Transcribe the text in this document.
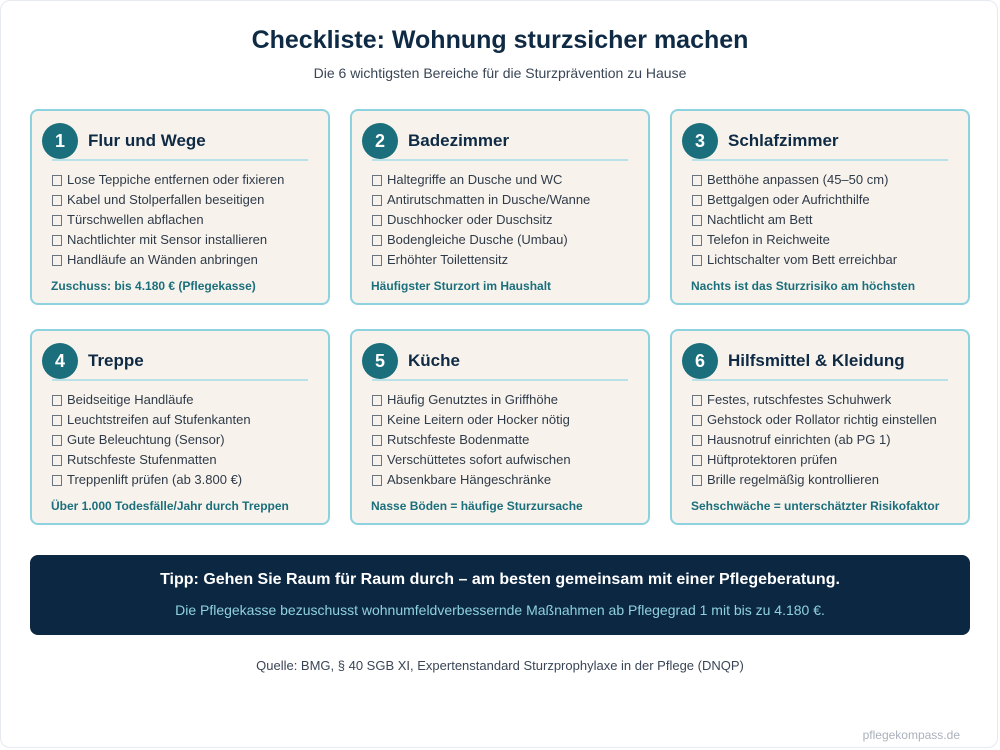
Checkliste: Wohnung sturzsicher machen
Die 6 wichtigsten Bereiche für die Sturzprävention zu Hause
1	Flur und Wege
Lose Teppiche entfernen oder fixieren
Kabel und Stolperfallen beseitigen
Türschwellen abflachen
Nachtlichter mit Sensor installieren
Handläufe an Wänden anbringen
Zuschuss: bis 4.180 € (Pflegekasse)
2	Badezimmer
Haltegriffe an Dusche und WC
Antirutschmatten in Dusche/Wanne
Duschhocker oder Duschsitz
Bodengleiche Dusche (Umbau)
Erhöhter Toilettensitz
Häufigster Sturzort im Haushalt
3	Schlafzimmer
Betthöhe anpassen (45–50 cm)
Bettgalgen oder Aufrichthilfe
Nachtlicht am Bett
Telefon in Reichweite
Lichtschalter vom Bett erreichbar
Nachts ist das Sturzrisiko am höchsten
4	Treppe
Beidseitige Handläufe
Leuchtstreifen auf Stufenkanten
Gute Beleuchtung (Sensor)
Rutschfeste Stufenmatten
Treppenlift prüfen (ab 3.800 €)
Über 1.000 Todesfälle/Jahr durch Treppen
5	Küche
Häufig Genutztes in Griffhöhe
Keine Leitern oder Hocker nötig
Rutschfeste Bodenmatte
Verschüttetes sofort aufwischen
Absenkbare Hängeschränke
Nasse Böden = häufige Sturzursache
6	Hilfsmittel & Kleidung
Festes, rutschfestes Schuhwerk
Gehstock oder Rollator richtig einstellen
Hausnotruf einrichten (ab PG 1)
Hüftprotektoren prüfen
Brille regelmäßig kontrollieren
Sehschwäche = unterschätzter Risikofaktor
Tipp: Gehen Sie Raum für Raum durch – am besten gemeinsam mit einer Pflegeberatung.
Die Pflegekasse bezuschusst wohnumfeldverbessernde Maßnahmen ab Pflegegrad 1 mit bis zu 4.180 €.
Quelle: BMG, § 40 SGB XI, Expertenstandard Sturzprophylaxe in der Pflege (DNQP)
pflegekompass.de
